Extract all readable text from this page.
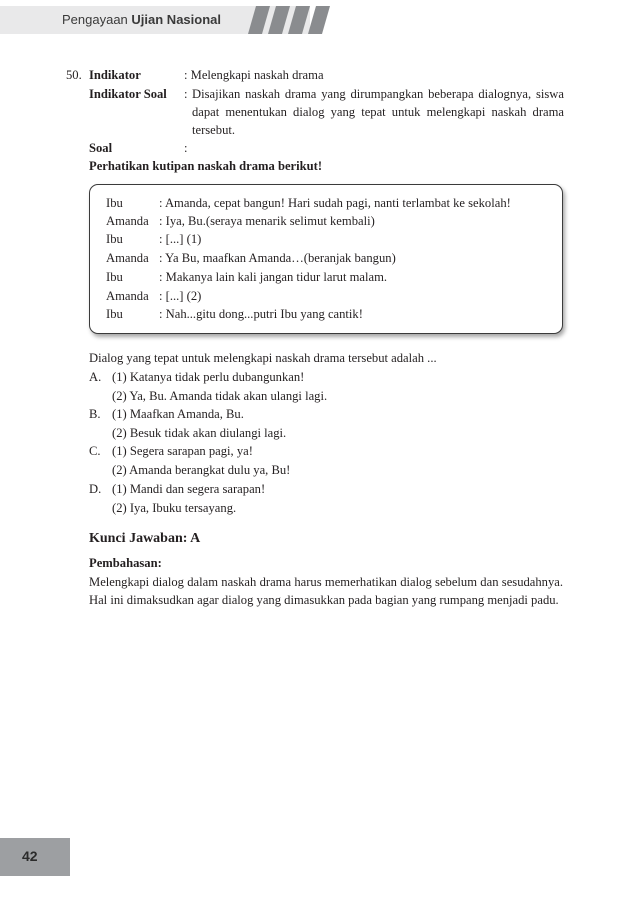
Pengayaan Ujian Nasional
50. Indikator	: Melengkapi naskah drama
Indikator Soal : Disajikan naskah drama yang dirumpangkan beberapa dialognya, siswa dapat menentukan dialog yang tepat untuk melengkapi naskah drama tersebut.
Soal	:
Perhatikan kutipan naskah drama berikut!
Ibu	: Amanda, cepat bangun! Hari sudah pagi, nanti terlambat ke sekolah!
Amanda : Iya, Bu.(seraya menarik selimut kembali)
Ibu	: [...] (1)
Amanda : Ya Bu, maafkan Amanda…(beranjak bangun)
Ibu	: Makanya lain kali jangan tidur larut malam.
Amanda : [...] (2)
Ibu	: Nah...gitu dong...putri Ibu yang cantik!
Dialog yang tepat untuk melengkapi naskah drama tersebut adalah ...
A. (1) Katanya tidak perlu dubangunkan!
(2) Ya, Bu. Amanda tidak akan ulangi lagi.
B. (1) Maafkan Amanda, Bu.
(2) Besuk tidak akan diulangi lagi.
C. (1) Segera sarapan pagi, ya!
(2) Amanda berangkat dulu ya, Bu!
D. (1) Mandi dan segera sarapan!
(2) Iya, Ibuku tersayang.
Kunci Jawaban: A
Pembahasan:
Melengkapi dialog dalam naskah drama harus memerhatikan dialog sebelum dan sesudahnya. Hal ini dimaksudkan agar dialog yang dimasukkan pada bagian yang rumpang menjadi padu.
42
